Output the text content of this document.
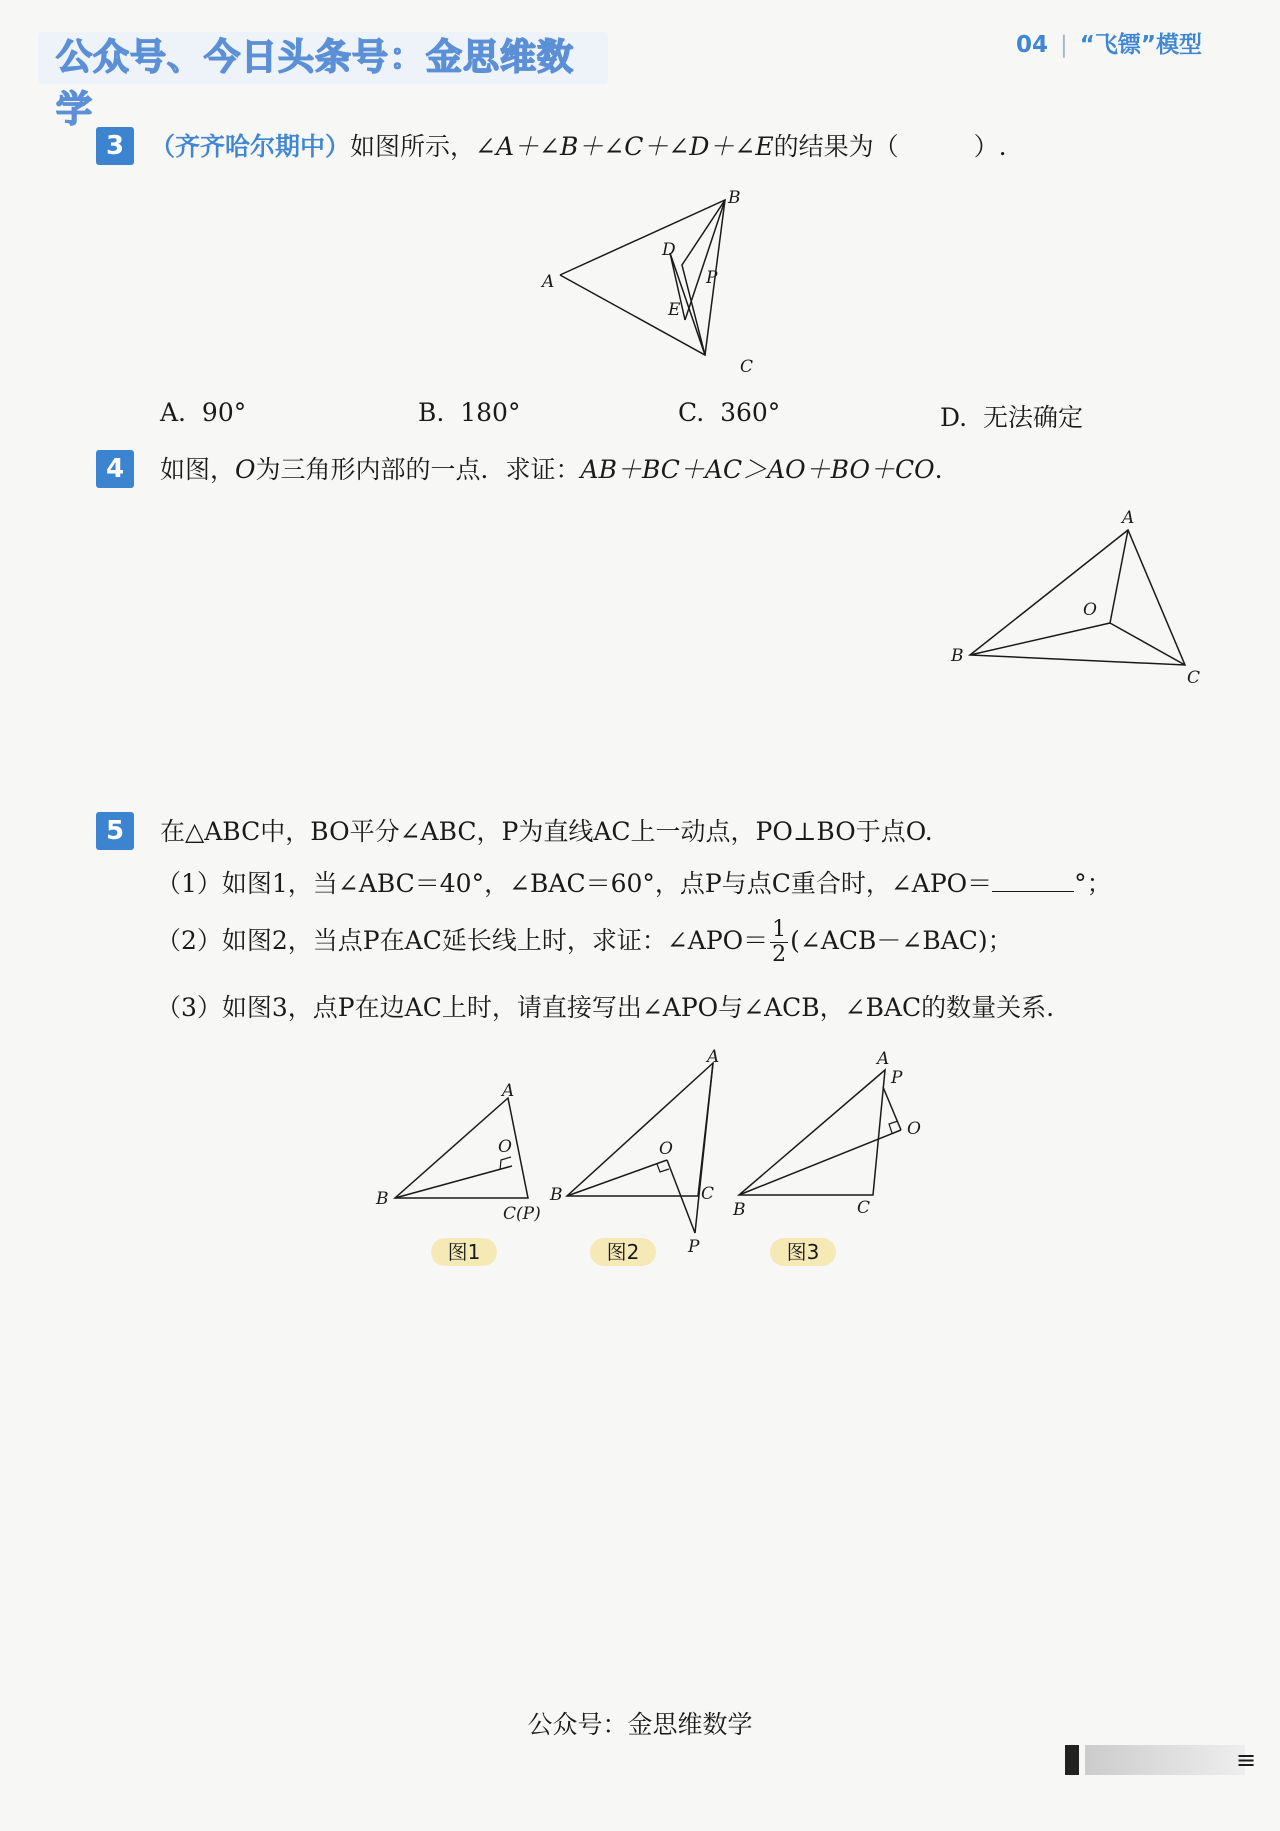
公众号、今日头条号：金思维数学
04 | “飞镖”模型
3	（齐齐哈尔期中）如图所示，∠A＋∠B＋∠C＋∠D＋∠E的结果为（　　　）.
A
B
C
D
E
P
A. 90°	B. 180°	C. 360°	D. 无法确定
4	如图，O为三角形内部的一点．求证：AB＋BC＋AC＞AO＋BO＋CO.
A
B
C
O
5	在△ABC中，BO平分∠ABC，P为直线AC上一动点，PO⊥BO于点O.
（1）如图1，当∠ABC＝40°，∠BAC＝60°，点P与点C重合时，∠APO＝	°；
（2）如图2，当点P在AC延长线上时，求证：∠APO＝ $\frac{1}{2}$ (∠ACB－∠BAC)；
（3）如图3，点P在边AC上时，请直接写出∠APO与∠ACB，∠BAC的数量关系.
A
B
C(P)
O
图1
A
B	C
O
P
图2
A
B	C
O
P
图3
公众号：金思维数学
≡
